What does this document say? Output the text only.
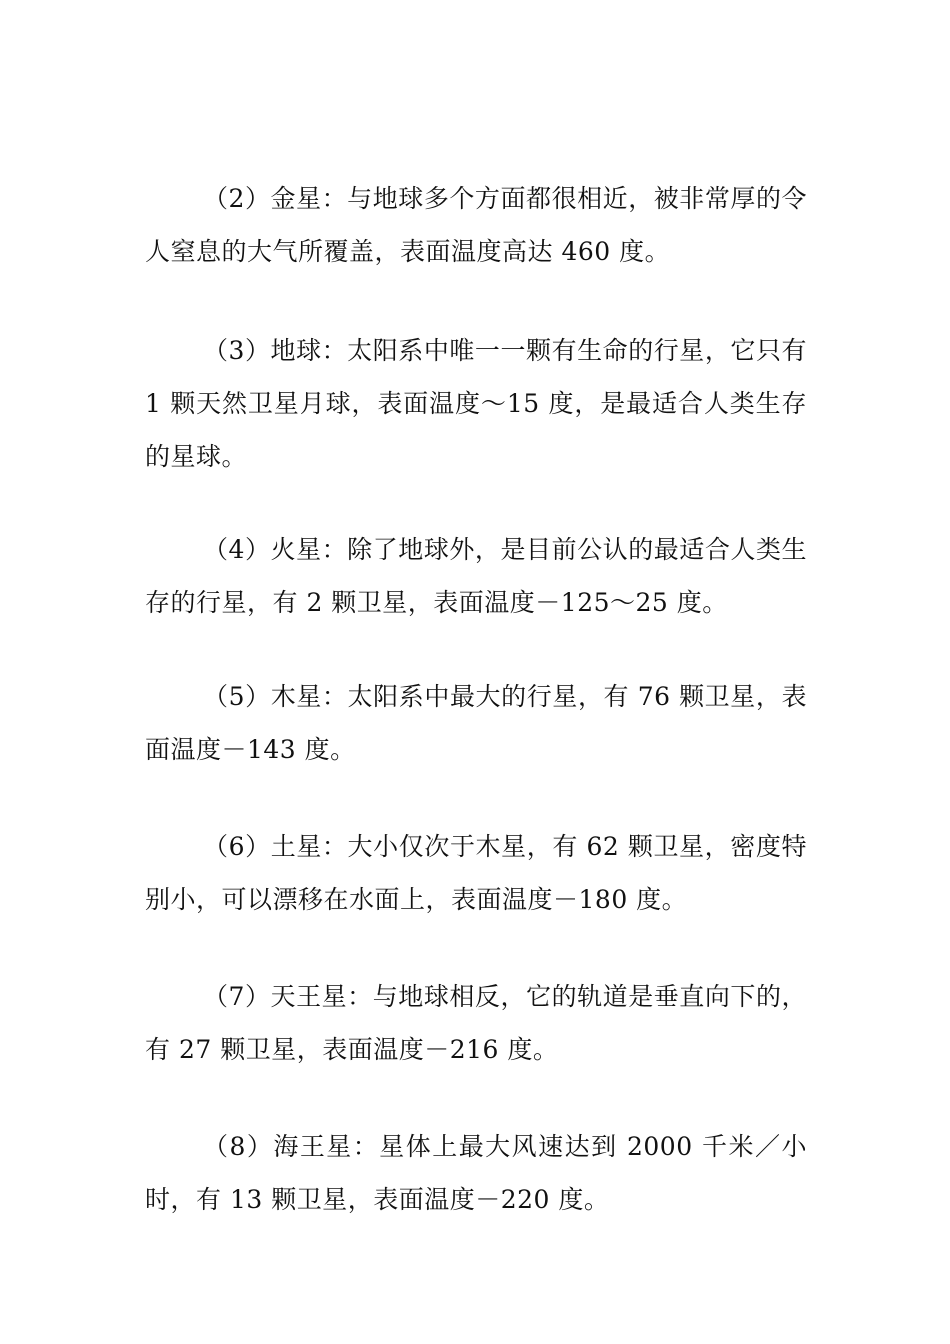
（2）金星：与地球多个方面都很相近，被非常厚的令人窒息的大气所覆盖，表面温度高达 460 度。

（3）地球：太阳系中唯一一颗有生命的行星，它只有 1 颗天然卫星月球，表面温度～15 度，是最适合人类生存的星球。

（4）火星：除了地球外，是目前公认的最适合人类生存的行星，有 2 颗卫星，表面温度－125～25 度。

（5）木星：太阳系中最大的行星，有 76 颗卫星，表面温度－143 度。

（6）土星：大小仅次于木星，有 62 颗卫星，密度特别小，可以漂移在水面上，表面温度－180 度。

（7）天王星：与地球相反，它的轨道是垂直向下的，有 27 颗卫星，表面温度－216 度。

（8）海王星：星体上最大风速达到 2000 千米／小时，有 13 颗卫星，表面温度－220 度。
